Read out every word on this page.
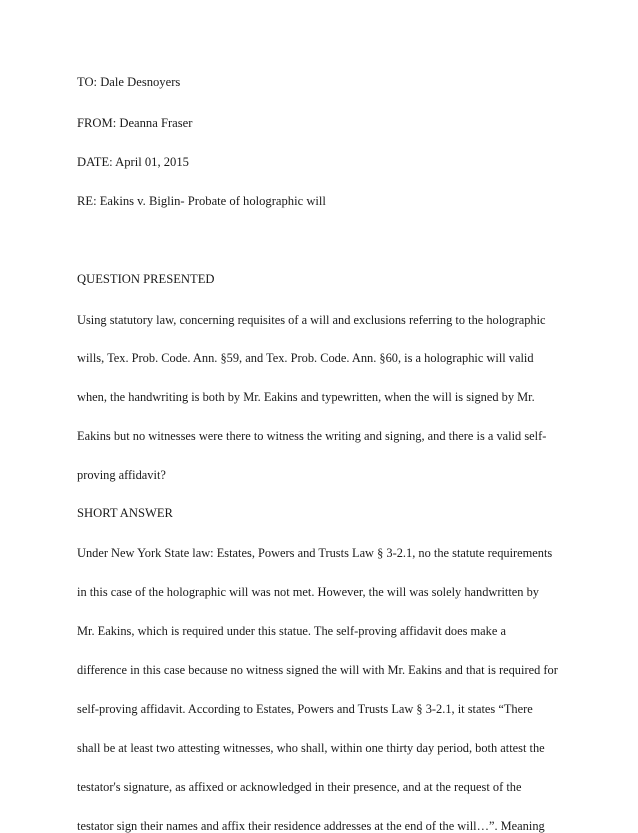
TO: Dale Desnoyers
FROM: Deanna Fraser
DATE: April 01, 2015
RE: Eakins v. Biglin- Probate of holographic will
QUESTION PRESENTED
Using statutory law, concerning requisites of a will and exclusions referring to the holographic
wills, Tex. Prob. Code. Ann. §59, and Tex. Prob. Code. Ann. §60, is a holographic will valid
when, the handwriting is both by Mr. Eakins and typewritten, when the will is signed by Mr.
Eakins but no witnesses were there to witness the writing and signing, and there is a valid self-
proving affidavit?
SHORT ANSWER
Under New York State law: Estates, Powers and Trusts Law § 3-2.1, no the statute requirements
in this case of the holographic will was not met. However, the will was solely handwritten by
Mr. Eakins, which is required under this statue. The self-proving affidavit does make a
difference in this case because no witness signed the will with Mr. Eakins and that is required for
self-proving affidavit. According to Estates, Powers and Trusts Law § 3-2.1, it states “There
shall be at least two attesting witnesses, who shall, within one thirty day period, both attest the
testator's signature, as affixed or acknowledged in their presence, and at the request of the
testator sign their names and affix their residence addresses at the end of the will…”. Meaning
